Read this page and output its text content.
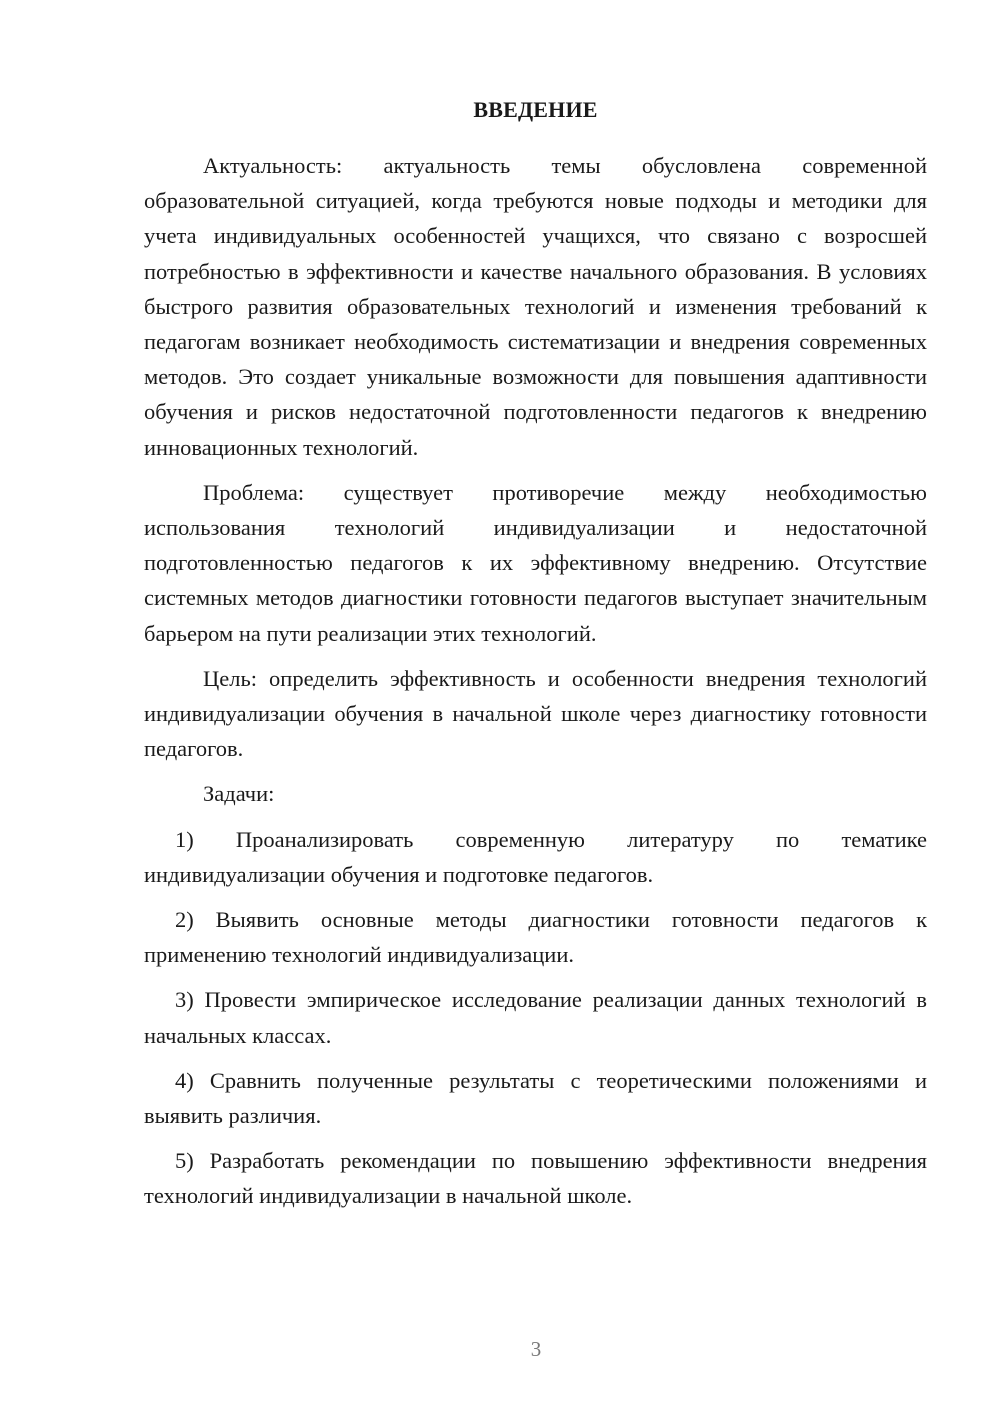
ВВЕДЕНИЕ

Актуальность: актуальность темы обусловлена современной образовательной ситуацией, когда требуются новые подходы и методики для учета индивидуальных особенностей учащихся, что связано с возросшей потребностью в эффективности и качестве начального образования. В условиях быстрого развития образовательных технологий и изменения требований к педагогам возникает необходимость систематизации и внедрения современных методов. Это создает уникальные возможности для повышения адаптивности обучения и рисков недостаточной подготовленности педагогов к внедрению инновационных технологий.

Проблема: существует противоречие между необходимостью использования технологий индивидуализации и недостаточной подготовленностью педагогов к их эффективному внедрению. Отсутствие системных методов диагностики готовности педагогов выступает значительным барьером на пути реализации этих технологий.

Цель: определить эффективность и особенности внедрения технологий индивидуализации обучения в начальной школе через диагностику готовности педагогов.

Задачи:

1) Проанализировать современную литературу по тематике индивидуализации обучения и подготовке педагогов.

2) Выявить основные методы диагностики готовности педагогов к применению технологий индивидуализации.

3) Провести эмпирическое исследование реализации данных технологий в начальных классах.

4) Сравнить полученные результаты с теоретическими положениями и выявить различия.

5) Разработать рекомендации по повышению эффективности внедрения технологий индивидуализации в начальной школе.

3
